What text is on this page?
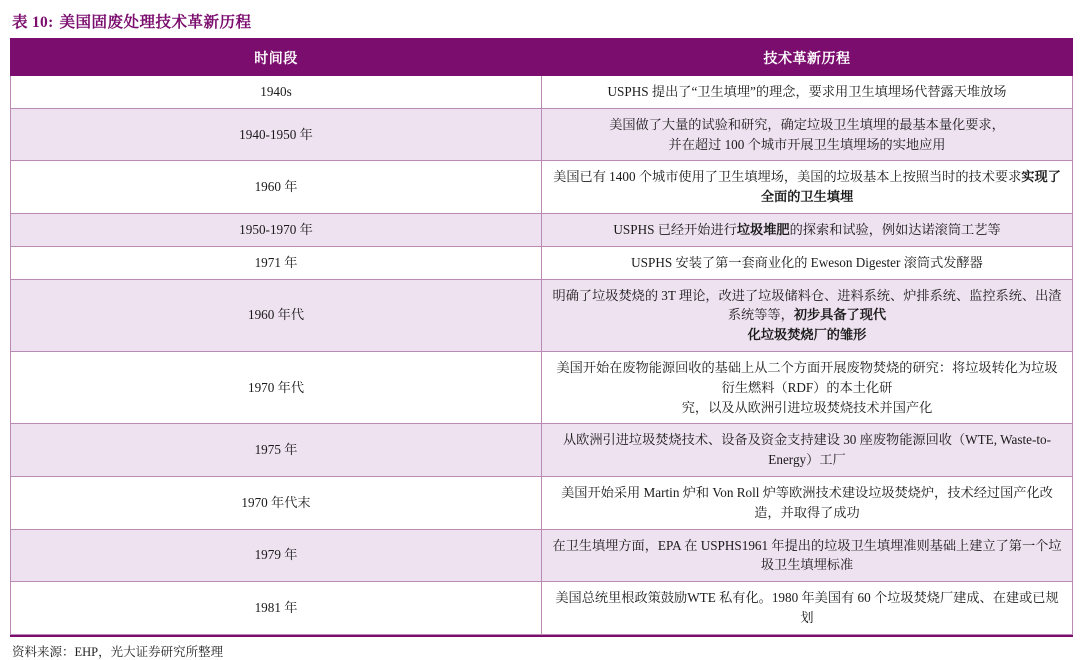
表 10: 美国固废处理技术革新历程
时间段	技术革新历程
1940s	USPHS 提出了“卫生填埋”的理念，要求用卫生填埋场代替露天堆放场
1940-1950 年	美国做了大量的试验和研究，确定垃圾卫生填埋的最基本量化要求，
并在超过 100 个城市开展卫生填埋场的实地应用
1960 年	美国已有 1400 个城市使用了卫生填埋场，美国的垃圾基本上按照当时的技术要求实现了全面的卫生填埋
1950-1970 年	USPHS 已经开始进行垃圾堆肥的探索和试验，例如达诺滚筒工艺等
1971 年	USPHS 安装了第一套商业化的 Eweson Digester 滚筒式发酵器
1960 年代	明确了垃圾焚烧的 3T 理论，改进了垃圾储料仓、进料系统、炉排系统、监控系统、出渣系统等等，初步具备了现代
化垃圾焚烧厂的雏形
1970 年代	美国开始在废物能源回收的基础上从二个方面开展废物焚烧的研究：将垃圾转化为垃圾衍生燃料（RDF）的本土化研
究，以及从欧洲引进垃圾焚烧技术并国产化
1975 年	从欧洲引进垃圾焚烧技术、设备及资金支持建设 30 座废物能源回收（WTE, Waste-to-Energy）工厂
1970 年代末	美国开始采用 Martin 炉和 Von Roll 炉等欧洲技术建设垃圾焚烧炉，技术经过国产化改造，并取得了成功
1979 年	在卫生填埋方面，EPA 在 USPHS1961 年提出的垃圾卫生填埋准则基础上建立了第一个垃圾卫生填埋标准
1981 年	美国总统里根政策鼓励WTE 私有化。1980 年美国有 60 个垃圾焚烧厂建成、在建或已规划
资料来源：EHP，光大证券研究所整理
